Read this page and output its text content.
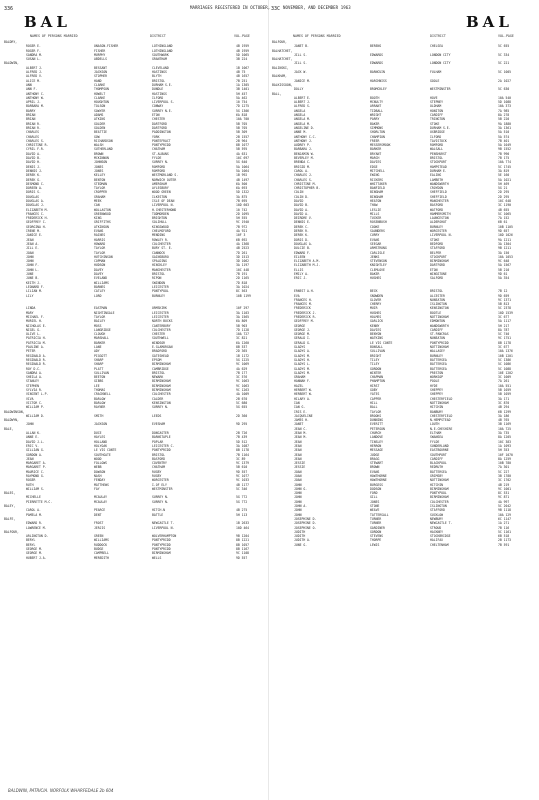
336	MARRIAGES REGISTERED IN OCTOBER,
BAL
33C NOVEMBER, AND DECEMBER 1963
BAL
NAMES OF PERSONS MARRIED	DISTRICT	VOL.PAGE	NAMES OF PERSONS MARRIED	DISTRICT	VOL.PAGE
BALDRY,
ROGER E.	ONASON-FISHER	LOTHINGLAND	4B 1959
ROGER F.	FISHER	LOTHINGLAND	4B 1959
SANDRA M.	MURPHY	SOUTHWARK	5D 1065
SUSAN L.	ABDELLS	GRANTHAM	3B 224
BALDWIN,
ALBERT J.	BESSANT	CLEVELAND	1B 1067
ALFRED J.	JACKSON	HASTINGS	4B 75
ALFRED V.	STOPHER	BLYTH	4B 1657
ALICE M.	HAND	BRISTOL	7B 251
ANN	CLARKE	DURHAM S.E.	1A 1305
ANN F.	THOMPSON	DUNDLE	3B 1401
ANTHONY C.	HOWELT	HASTINGS	5H 457
ANTHONY W.	CLARKE	ILFORD	5A 462
APRIL J.	HOUGHTON	LIVERPOOL S.	10 754
BARBARA M.	TOLSON	CONWAY	7D 1275
BARRY	SAWYER	SURREY N.E.	5G 1306
BRIAN	ADAMS	ETON	6A 818
BRIAN	ATKINS	CHESTER	10A 700
BRIAN R.	GOLDER	DARTFORD	5B 705
BRIAN R.	GOLDEN	DARTFORD	5B 705
CHARLES	BEATTIE	PADDINGTON	5B 309
CHARLES	GOW	YORK	2B 1557
CHARLES S.	RICHARDSON	PONTEFRACT	2B 964
CHRISTINE R.	WALSH	PONTYPRIDD	8B 1077
CYRIL F.R.	SUTHERLAND	CHATHAM	5B 595
DAVID A.	BROWN	ST.ALBANS	4A 631
DAVID B.	MCKINNON	FYLDE	10C 697
DAVID H.	JOHNSON	SURREY N.	5G 640
DENIS J.	JONES	ROMFORD	5A 1064
DENNIS J.	JONES	ROMFORD	5A 1064
DEREK K.	KELLEY	WESTMORLAND S.	1B 992
DEREK G.	BENTON	NORWICH OUTER	4B 1497
DESMOND C.	STEDMAN	AMERSHAM	6A 500
DOREEN A.	TAYLOR	AYLESBURY	6A 693
DORIS S.	CROPPER	WOOD GREEN	5D 1322
DOUGLAS	GRAHAM	ILKESTON	3A 875
DOUGLAS A.	MEEK	ISLE OF DEAN	7B 695
DOUGLAS J.	CAN	LIVERPOOL N.	10D 603
ELIZABETH M.	WOLLASTON	H.CHESTERHOND	10 742
FRANCES C.	GREENWOOD	TODMORDEN	2D 1095
FREDERICK H.	KING	BRIGHTON	5H 555
GEOFFREY C.	GRIFFITHS	SOLIHULL	9C 1940
GEORGINA H.	ATKINSON	KINGSWOOD	7B 972
IRENE M.	EVANS	CHELMSFORD	4A 921
JANICE E.	RAINES	MENDING	10F 3
JEAN	HARRIS	ROWLEY R.	6B 692
JEAN A.	HOWARD	COLCHESTER	4A 1368
JILL E.	TAYLOR	BURY ST. E.	4B 2523
JOAN	TAYLOR	CANNOCK	7D 261
JOHN	HUTCHINSON	GAINSBORO	3D 1513
JOHN	COPMAN	SPALDING	3D 1062
JOHN F.	HUDSON	HINCKLEY	3A 1197
JOHN L.	DAVEY	MANCHESTER	10C 448
JUNE	DAVEY	BRISTOL	7B 191
JUNE B.	EVELAND	RIPON	2D 1165
KEITH J.	WILLIAMS	SWINDON	7D 818
LEONARD F.	BARNES	LEICESTER	3A 1024
LILIAN M.	CATLEY	PONTYPOOL	8C 563
LILY	LORD	BURNLEY	10B 1199
LINDA	EASTMAN	ORMSKIRK	10F 297
MARY	NIGHTINGALE	LEICESTER	3A 1103
MICHAEL F.	TAYLOR	LEICESTER	3A 1565
MURIEL H.	BAILEY	NORTH BUCKS	6A 809
NICHOLAS E.	MOSS	CANTERBURY	5B 903
NIGEL G.	LANGRIDGE	COLCHESTER	7D 1128
OLIVE L.	CLOUGH	CHESTER	10A 727
PATRICIA H.	MARSHALL	SOUTHWELL	3C 821
PATRICIA M.	BARKER	WINDSOR	6A 1260
PAULINE A.	LANE	E.GLAMORGAN	8B 537
PETER	ADY	BRADFORD	2D 365
REGINALD A.	PIGGOTT	GATESHEAD	1B 1172
REGINALD R.	SHARP	EPSOM	5G 1225
REGINALD R.	SHARP	BIRMINGHAM	9C 1069
ROY D.C.	PLATT	CAMBRIDGE	4A 629
SANDRA A.	SULLIVAN	BRISTOL	7B 177
SHEILA A.	BEETON	NEWARK	3C 576
STANLEY	GIBBS	BIRMINGHAM	9C 1063
STEPHEN	LEE	BIRMINGHAM	9C 1063
SYLVIA R.	THOMAS	BIRMINGHAM	9C 1263
VINCENT L.P.	CRACKNELL	COLCHESTER	4A 1009
VIVA	BARLOW	CALDER	2B 670
VICTOR C.	BARLOW	KENSINGTON	5C 680
WILLIAM P.	RAYNER	SURREY N.	5G 655
BALDWINSON,
WILLIAM D.	SMITH	LEEDS	2D 360
BALDWYN,
JOHN	JACKSON	EVESHAM	9D 295
BALE,
ALLAN K.	DUCE	DONCASTER	2B 726
ANNE E.	HAYLES	BARNSTAPLE	7B 439
DAVID J.L.	HOLLAND	POPLAR	5D 512
ERIC V.	HOLYOAK	LEICESTER C.	3A 1087
GILLIAN G.	LE VIS CONTE	PONTYPRIDD	8B 1178
GORDON A.	SOUTHGATE	BRISTOL	7B 1164
JEAN	WOOD	BASFORD	3C 89
MARGARET A.	FOLLOWS	COVENTRY	9C 1379
MARGARET P.	WEBB	CHATHAM	5B 610
MAURICE C.	DAWSON	RUGBY	9D 557
RAYMOND G.	NASH	RUGBY	9C 1077
ROGER	FENDAY	WORCESTER	9C 1033
RUTH	MATTHEWS	I.OF ELY	4B 1177
WILLIAM S.	FAY	WESTMINSTER	5C 346
BALES,
MICHELLE	MCAULAY	SURREY N.	5G 772
PIERRETTE M.C.	MCAULAY	SURREY N.	5G 772
BALEY,
CAROL A.	PEARCE	HITCH.N	4B 275
PAMELA M.	DENT	BATTLE	5H 113
BALFE,
EDWARD R.	FROST	NEWCASTLE T.	1B 2633
LAWRENCE M.	JERJIS	LIVERPOOL N.	10D 464
BALFOUR,
ARLINGTON D.	GREEN	WOLVERHAMPTON	9B 1204
BERYL	WILLIAMS	PONTYPRIDD	8B 1221
BERYL	RUDDOCK	PONTYPRIDD	8B 1057
GEORGE M.	BUDGE	PONTYPRIDD	8B 1167
GEORGE M.	CAMPBELL	BIRMINGHAM	9C 1108
HUBERT J.A.	MEREDITH	WELLS	9D 557
BALFOUR,
JANET B.	BERENS	CHELSEA	5C 655
BALHATCHET,
JILL S.	EDWARDS	LONDON CITY	5C 334
BALHATCHET,
JILL S.	EDWARDS	LONDON CITY	5C 221
BALINSKI,
JACK W.	BARNCUIN	FULHAM	5C 1005
BALKHAM,
JANICE M.	HARCHNISS	GOOLE	2A 1027
BALKISSOON,
DOLLY	BROMCKLEY	WESTMINSTER	5C 630
BALL,
ALBERT E.	BOOTH	HOVE	10A 540
ALBERT J.	MCNULTY	STEPNEY	5D 1088
ALFRED S.	ARRANT	OLDHAM	10A 373
ANGELA	TIDBALL	HONITON	7A 985
ANGELA	WRIGHT	CARDIFF	8A 278
ANGELA M.	PARRY	TRINGTON	5B 220
ANGELA M.	BAKER	STOKE	9A 1880
ANGELINE D.	SIMMONS	DURHAM S.E.	3A 1361
ANNE M.	SHORLTON	UXBRIDGE	5A 510
ANTHONY C.C.	CHAMPION	ILFORD	5A 574
ANTHONY J.	FREER	TAVISTOCK	7B 401
AUDREY P.	MESSERSMOOK	ROMFORD	5A 1049
BARBARA J.	BARKER	WALSALL	9B 1552
BENJAMIN W.	BRYANT	PENSHURST	7B 990
BEVERLEY M.	MARCH	BRISTOL	7B 175
BRENDA C.	DAVIES	STOCKPORT	10A 774
BRIGID M.	EDGE	HAMPSTEAD	5C 1745
CAROL A.	MITCHELL	DURHAM E.	3A 819
CHARLES J.	EWING	EALING	5E 160
CHARLES S.	RICKERS	LAMBETH	5A 1021
CHRISTINE M.	WHITTAKER	WANDSWORTH	5H 469
CHRISTOPHER B.	BANFIELD	CROYDON	5G 21
COLIN	BINGHAM	SHEFFIELD	2D 295
COLIN D.	BINGHAM	SHEFFIELD	2D 295
DAVID	HEATON	MANCHESTER	10C 648
DAVID B.	THAW	BASFORD	3C 1190
DAVID A.	LESLIE	WATFORD	4B 655
DAVID A.	MILLS	HAMMERSMITH	5C 1065
DEIRDRE V.	TUCKER	LAUNCESTON	7A 152
DENNIS E.	ROSENBUSH	ALDERSHOT	6B 61
DEREK C.	COOKE	BURNLEY	10B 1105
DEREK R.	SAUNDERS	WORCESTER	9D 657
DEREK K.	CURRY	LIVERPOOL N.	10D 1026
DORIS D.	EVANS	STOKE	9A 1211
DOUGLAS A.	SEEGAR	BEDFORD	3A 1304
DULCIE B.	ARMSTRONG	STAFFORD	9B 1211
EDWARD F.	CARLISLE	BELPER	3A 150
EILEEN	JENKS	STOCKPORT	10A 1053
ELIZABETH A.M.	STEVENSON	BIRMINGHAM	9C 648
ELIZABETH M.J.	KNIGHTLEY	DARTFORD	5A 1567
ELLIS	CLEMLOVE	ETON	5B 210
EMILY A.	BAKER	WINGSTONE	9D 61
ERIC J.	HUGHES	SALFORD	5A 354
ERNEST A.H.	BECK	BRISTOL	7B 12
EVA	SNOWDEN	ALCESTER	9D 659
FRANCES H.	GLOVER	NUNEATON	9C 1371
FRANCES M.	CHERRY	ISLINGTON	5B 813
FREDERICK	MUIR	KENSINGTON	5C 2378
FREDERICK J.	HUGHES	BOOTLE	10D 1539
FREDERICK R.	HOLMES	NOTTINGHAM	3C 677
GEOFFREY M.	GARLICK	EDMONTON	5A 1117
GEORGE	KENNY	WANDSWORTH	5H 217
GEORGE J.	DAVIES	CARDIFF	8A 787
GEORGE M.	BENYON	ST.PANCRAS	5C 740
GERALD I.	WATKINS	NUNEATON	9C 1751
GERALD G.	LE VIS CONTE	PONTYPRIDD	8B 1178
GLADYS	BONSALL	NOTTINGHAM	3C 677
GLADYS A.	SULLIVAN	WALLASEY	10A 1376
GLADYS M.	BRIGHT	BURNLEY	10B 1201
GLADYS H.	TILEY	BATTERSEA	5C 1386
GLADYS L.	TILEY	BATTERSEA	5C 1086
GLADYS M.	GORDON	BATTERSEA	5C 1088
GLADYS M.	WINTER	PRESTON	10E 1202
GRAHAM	CHAPMAN	WORKSOP	3C 1009
HANNAH F.	PHAMPTON	POOLE	7A 261
HAZEL	HIRST	HYDE	10A 551
HERBERT W.	GOBY	SHEPPEY	5B 1059
HERBERT W.	YATES	SHEPPEY	5B 1059
HILARY A.	CAPPER	CHESTERFIELD	3A 171
IAN	HILL	NOTTINGHAM	3C 870
IAN G.	BALL	HITCHIN	4B 294
IRIS E.	TAYLOR	BANBURY	6B 1299
JACQUELINE	BROOKS	CHESTERFIELD	3A 186
JAMES H.	DUNNING	N.HEMPSTEAD	4B 765
JANET	EVERITT	LOUTH	3B 1169
JEAN C.	PETERSON	N.E.CHESHIRE	10A 725
JEAN M.	CHURCH	ELTHAM	3A 735
JEAN M.	LANDOVE	SWANSEA	8A 1205
JEAN	TINSLEY	FYLDE	10C 383
JEAN	HERRON	SUNDERLAND	1A 1093
JEAN	MESSAGE	EASTBOURNE	5H 353
JEAN	JUDGE	SOUTHPORT	10F 1070
JEAN	BRAGG	CARDIFF	8A 1259
JESSIE	STEWART	BLACKPOOL	10B 780
JESSIE	BROWN	REDRUTH	7A 301
JOAN	EVANS	BATTERSEA	5C 227
JOAN	HAWTHORNE	GRIMSBY	3B 1780
JOAN	HAWTHORNE	NOTTINGHAM	3C 1702
JOHN	BURGESS	HITCHIN	4B 219
JOHN G.	DODSON	BIRMINGHAM	9C 1001
JOHN	FORD	PONTYPOOL	8C 531
JOHN	GILL	BIRMINGHAM	9C 871
JOHN	JONES	COLCHESTER	4A 997
JOHN A.	STONE	ISLINGTON	5C 2042
JOHN	WEAVE	STAFFORD	9B 1118
JOHN	TATTERSALL	SUCKLOW	10A 129
JOSEPHINE D.	TURNER	NEWBURY	6C 1147
JOSEPHINE D.	TURNER	NEWCASTLE T.	1A 271
JOSEPHINE O.	GARDINER	STROUD	7B 116
JUDITH	GORDON	HACKNEY	5C 1161
JUDITH	STEVENS	STOCKBRIDGE	6B 518
JUDITH A.	THORPE	HALIFAX	2B 1173
JUNE G.	LEWIS	CHELTENHAM	7B 591
BALDWIN, PATRICIA. NORFOLK WHARFEDALE 2b 604
